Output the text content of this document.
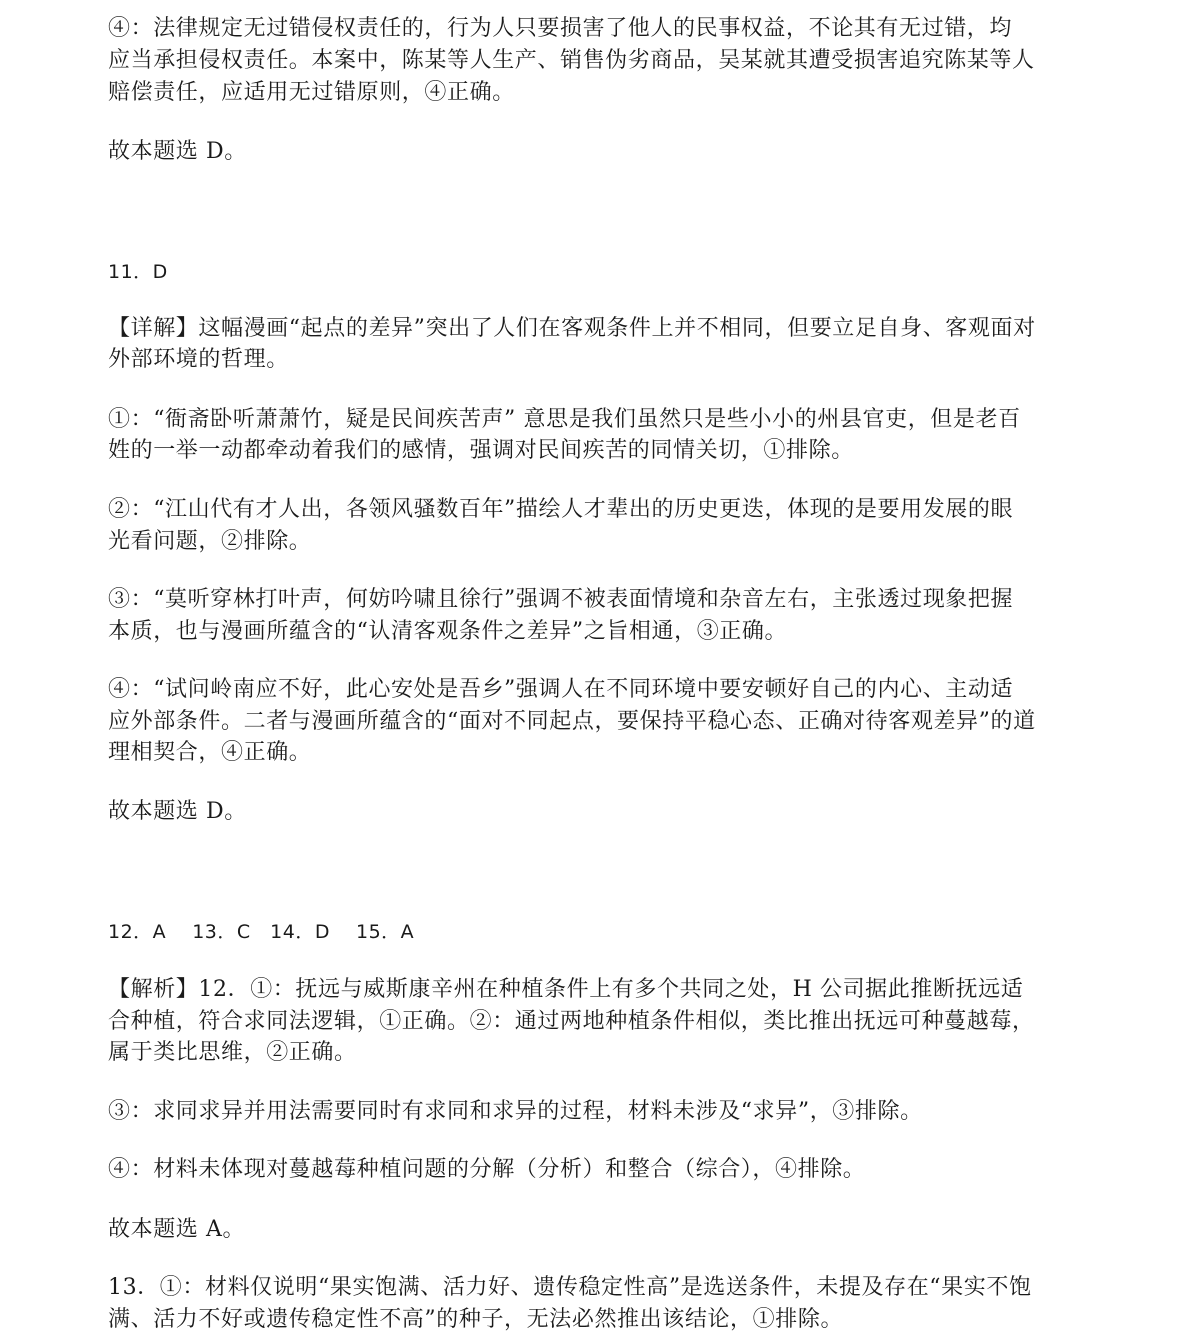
④：法律规定无过错侵权责任的，行为人只要损害了他人的民事权益，不论其有无过错，均
应当承担侵权责任。本案中，陈某等人生产、销售伪劣商品，吴某就其遭受损害追究陈某等人
赔偿责任，应适用无过错原则，④正确。
故本题选 D。
11．D
【详解】这幅漫画“起点的差异”突出了人们在客观条件上并不相同，但要立足自身、客观面对
外部环境的哲理。
①：“衙斋卧听萧萧竹，疑是民间疾苦声” 意思是我们虽然只是些小小的州县官吏，但是老百
姓的一举一动都牵动着我们的感情，强调对民间疾苦的同情关切，①排除。
②：“江山代有才人出，各领风骚数百年”描绘人才辈出的历史更迭，体现的是要用发展的眼
光看问题，②排除。
③：“莫听穿林打叶声，何妨吟啸且徐行”强调不被表面情境和杂音左右，主张透过现象把握
本质，也与漫画所蕴含的“认清客观条件之差异”之旨相通，③正确。
④：“试问岭南应不好，此心安处是吾乡”强调人在不同环境中要安顿好自己的内心、主动适
应外部条件。二者与漫画所蕴含的“面对不同起点，要保持平稳心态、正确对待客观差异”的道
理相契合，④正确。
故本题选 D。
12．A　 13．C　14．D　 15．A
【解析】12．①：抚远与威斯康辛州在种植条件上有多个共同之处，H 公司据此推断抚远适
合种植，符合求同法逻辑，①正确。②：通过两地种植条件相似，类比推出抚远可种蔓越莓，
属于类比思维，②正确。
③：求同求异并用法需要同时有求同和求异的过程，材料未涉及“求异”，③排除。
④：材料未体现对蔓越莓种植问题的分解（分析）和整合（综合），④排除。
故本题选 A。
13．①：材料仅说明“果实饱满、活力好、遗传稳定性高”是选送条件，未提及存在“果实不饱
满、活力不好或遗传稳定性不高”的种子，无法必然推出该结论，①排除。
